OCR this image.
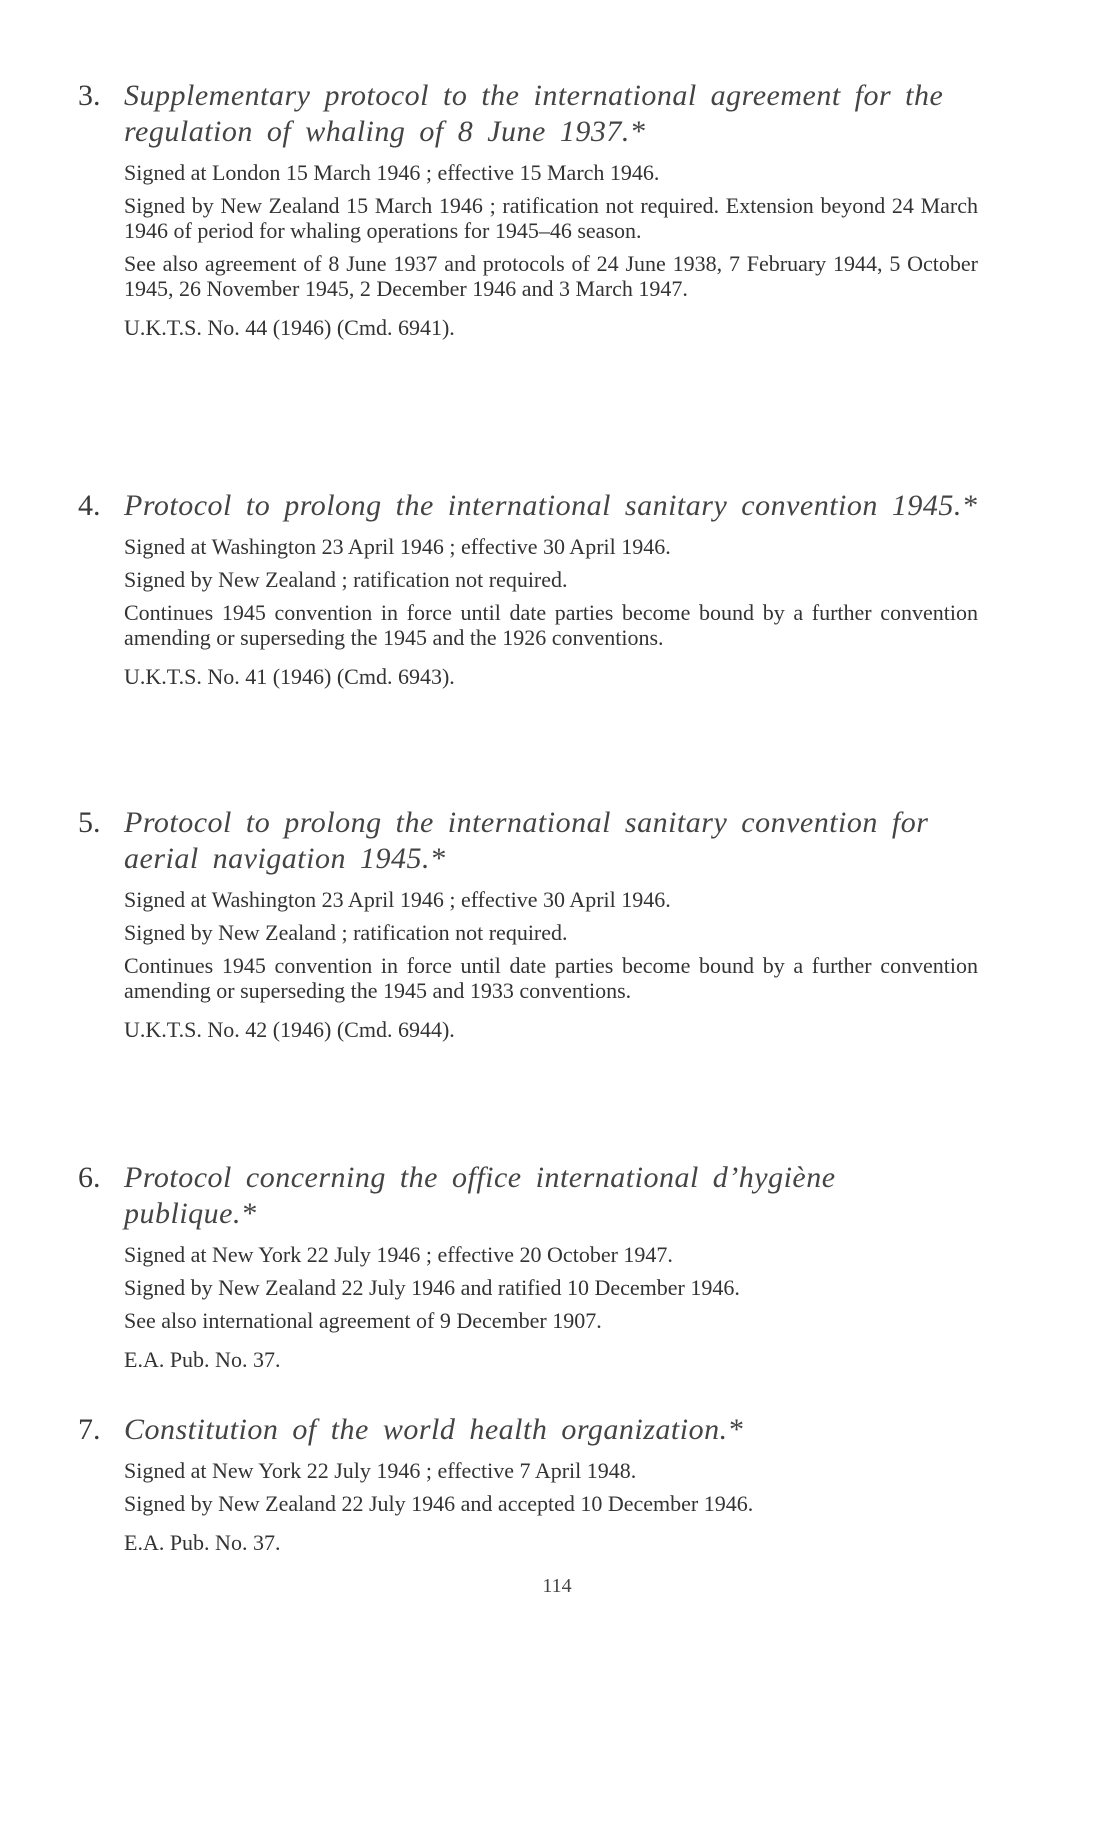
3. Supplementary protocol to the international agreement for the regulation of whaling of 8 June 1937.*

Signed at London 15 March 1946 ; effective 15 March 1946.

Signed by New Zealand 15 March 1946 ; ratification not required. Extension beyond 24 March 1946 of period for whaling operations for 1945–46 season.

See also agreement of 8 June 1937 and protocols of 24 June 1938, 7 February 1944, 5 October 1945, 26 November 1945, 2 December 1946 and 3 March 1947.

U.K.T.S. No. 44 (1946) (Cmd. 6941).

4. Protocol to prolong the international sanitary convention 1945.*

Signed at Washington 23 April 1946 ; effective 30 April 1946.

Signed by New Zealand ; ratification not required.

Continues 1945 convention in force until date parties become bound by a further convention amending or superseding the 1945 and the 1926 conventions.

U.K.T.S. No. 41 (1946) (Cmd. 6943).

5. Protocol to prolong the international sanitary convention for aerial navigation 1945.*

Signed at Washington 23 April 1946 ; effective 30 April 1946.

Signed by New Zealand ; ratification not required.

Continues 1945 convention in force until date parties become bound by a further convention amending or superseding the 1945 and 1933 conventions.

U.K.T.S. No. 42 (1946) (Cmd. 6944).

6. Protocol concerning the office international d’hygiène publique.*

Signed at New York 22 July 1946 ; effective 20 October 1947.

Signed by New Zealand 22 July 1946 and ratified 10 December 1946.

See also international agreement of 9 December 1907.

E.A. Pub. No. 37.

7. Constitution of the world health organization.*

Signed at New York 22 July 1946 ; effective 7 April 1948.

Signed by New Zealand 22 July 1946 and accepted 10 December 1946.

E.A. Pub. No. 37.

114
